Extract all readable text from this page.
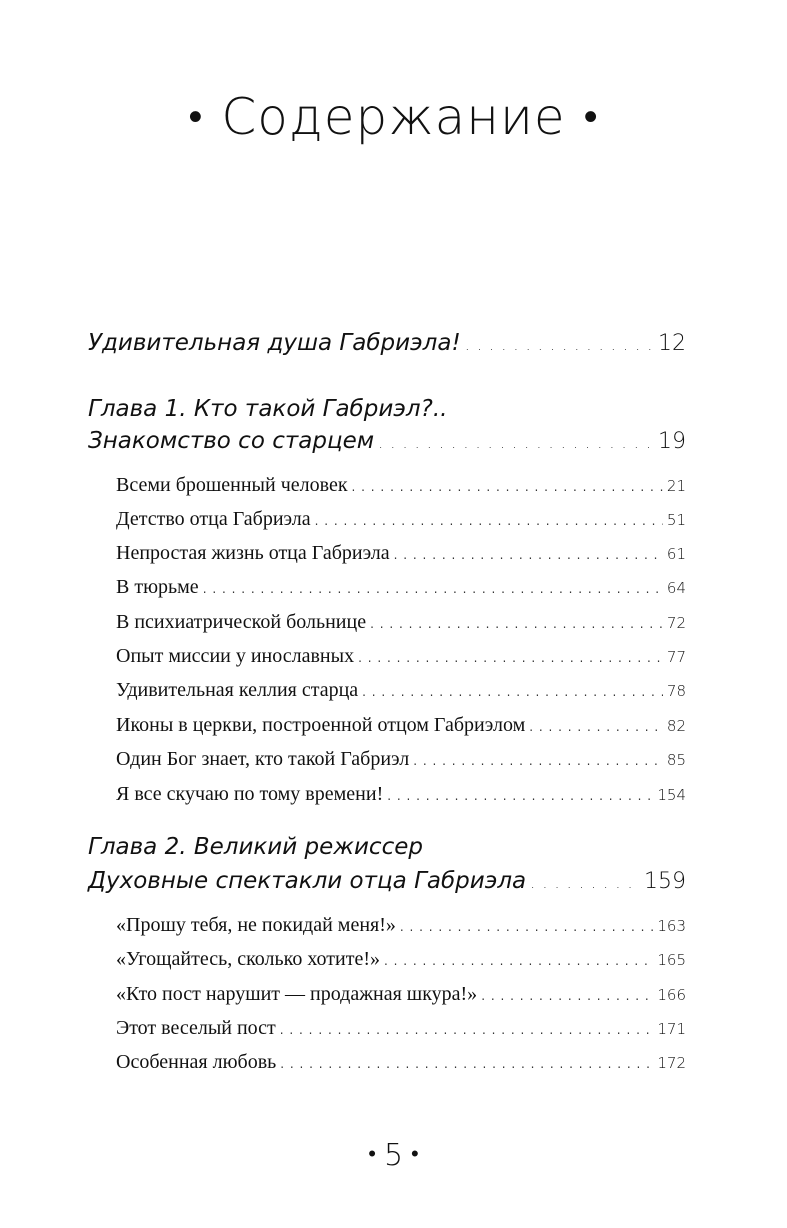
• Содержание •
Удивительная душа Габриэла! . . .	12
Глава 1. Кто такой Габриэл?..
Знакомство со старцем . . .	19
Всеми брошенный человек . . .	21
Детство отца Габриэла . . .	51
Непростая жизнь отца Габриэла . . .	61
В тюрьме . . .	64
В психиатрической больнице . . .	72
Опыт миссии у инославных . . .	77
Удивительная келлия старца . . .	78
Иконы в церкви, построенной отцом Габриэлом . . .	82
Один Бог знает, кто такой Габриэл . . .	85
Я все скучаю по тому времени! . . .	154
Глава 2. Великий режиссер
Духовные спектакли отца Габриэла . . .	159
«Прошу тебя, не покидай меня!» . . .	163
«Угощайтесь, сколько хотите!» . . .	165
«Кто пост нарушит — продажная шкура!» . . .	166
Этот веселый пост . . .	171
Особенная любовь . . .	172
• 5 •
